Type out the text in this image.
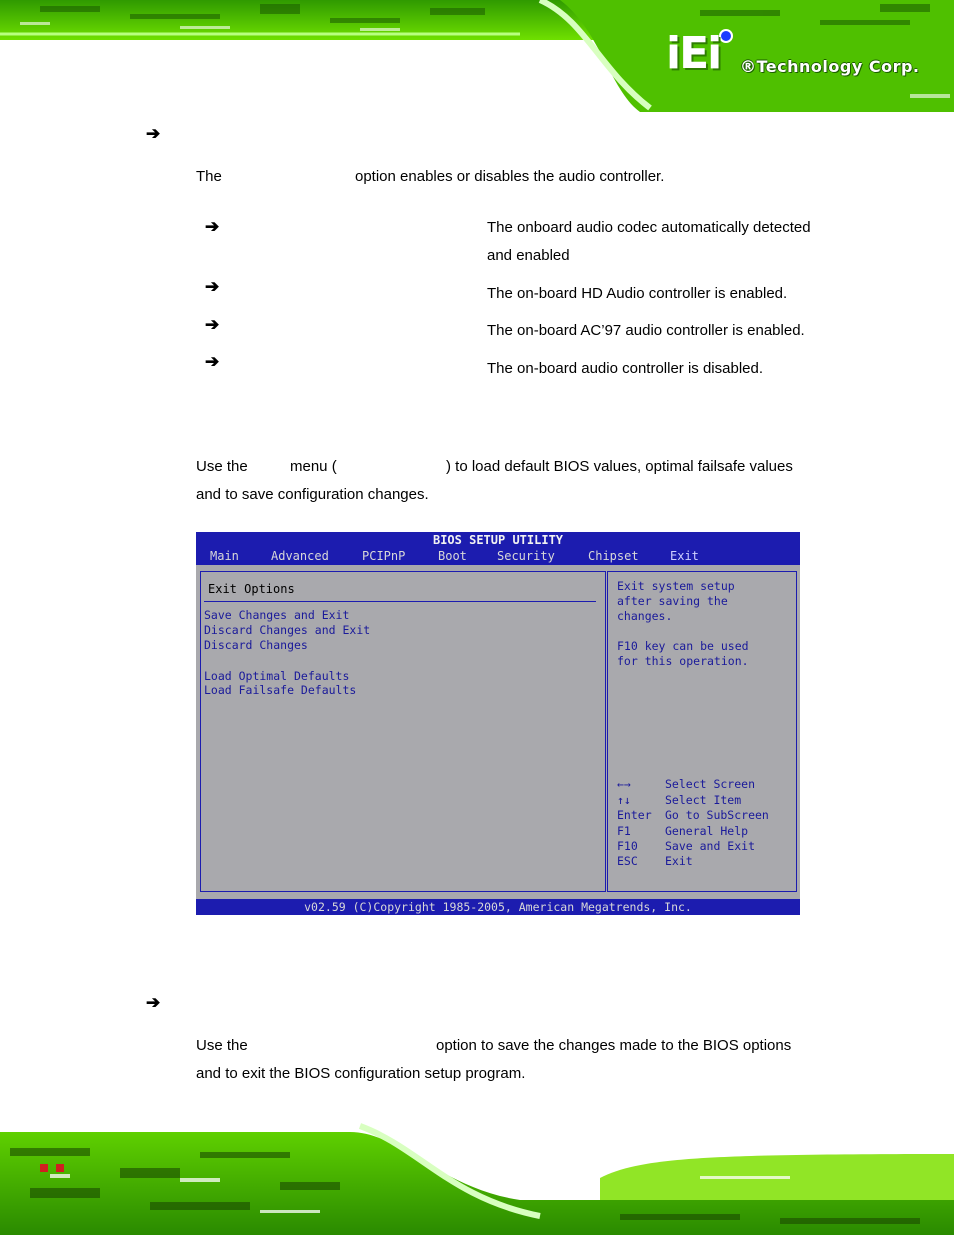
iEi ®Technology Corp.
➔
The	option enables or disables the audio controller.
➔	The onboard audio codec automatically detected
and enabled
➔	The on-board HD Audio controller is enabled.
➔	The on-board AC’97 audio controller is enabled.
➔	The on-board audio controller is disabled.
Use the	menu (	) to load default BIOS values, optimal failsafe values
and to save configuration changes.
BIOS SETUP UTILITY
Main	Advanced	PCIPnP	Boot	Security	Chipset	Exit
Exit Options
Save Changes and Exit
Discard Changes and Exit
Discard Changes
Load Optimal Defaults
Load Failsafe Defaults
Exit system setup
after saving the
changes.
F10 key can be used
for this operation.
←→	Select Screen
↑↓	Select Item
Enter Go to SubScreen
F1	General Help
F10 Save and Exit
ESC Exit
v02.59 (C)Copyright 1985-2005, American Megatrends, Inc.
➔
Use the	option to save the changes made to the BIOS options
and to exit the BIOS configuration setup program.
